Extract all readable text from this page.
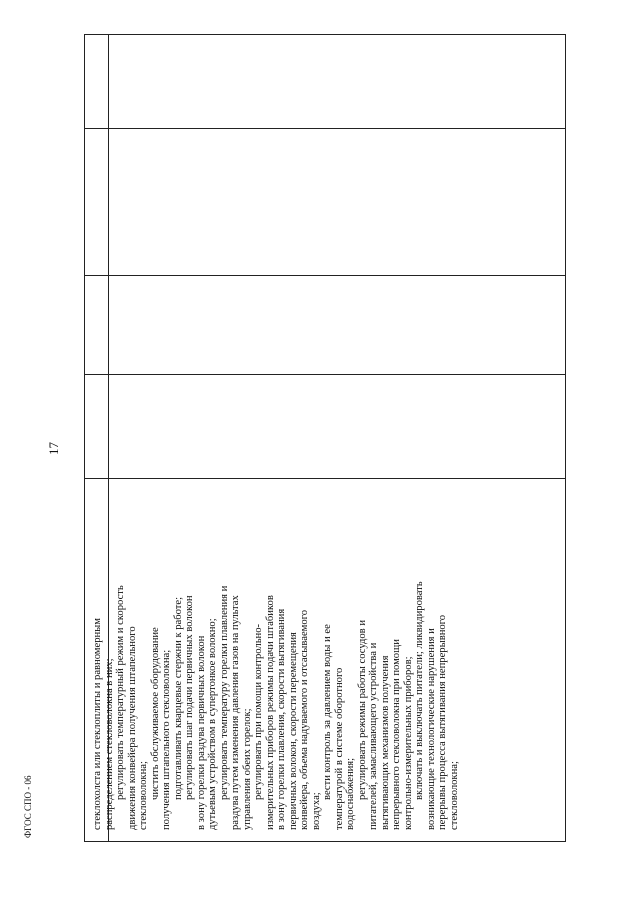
17

стеклохолста или стеклоплиты и равномерным распределением стекловолокна в них; регулировать температурный режим и скорость движения конвейера получения штапельного стекловолокна; чистить обслуживаемое оборудование получения штапельного стекловолокна; подготавливать кварцевые стержни к работе; регулировать шаг подачи первичных волокон в зону горелки раздува первичных волокон дутьевым устройством в супертонкое волокно; регулировать температуру горелки плавления и раздува путем изменения давления газов на пультах управления обеих горелок; регулировать при помощи контрольно- измерительных приборов режимы подачи штабиков в зону горелки плавления, скорости вытягивания первичных волокон, скорости перемещения конвейера, объема надуваемого и отсасываемого воздуха;

вести контроль за давлением воды и ее температурой в системе оборотного водоснабжения; регулировать режимы работы сосудов и питателей, замасливающего устройства и вытягивающих механизмов получения непрерывного стекловолокна при помощи контрольно-измерительных приборов; включать и выключать питатели; ликвидировать возникающие технологические нарушения и перерывы процесса вытягивания непрерывного стекловолокна;

ФГОС СПО - 06
